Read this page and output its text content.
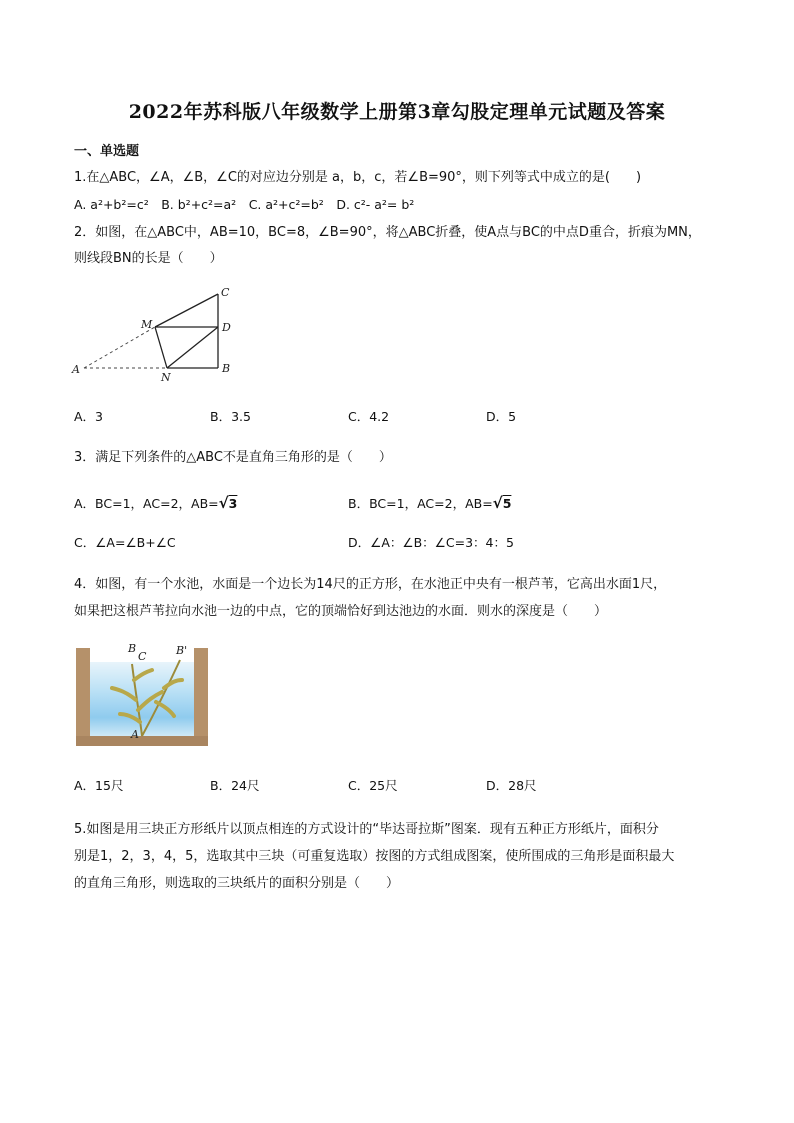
2022年苏科版八年级数学上册第3章勾股定理单元试题及答案
一、单选题
1.在△ABC，∠A，∠B，∠C的对应边分别是 a，b，c，若∠B=90°，则下列等式中成立的是(　　)
A. a²+b²=c²　B. b²+c²=a²　C. a²+c²=b²　D. c²- a²= b²
2．如图，在△ABC中，AB=10，BC=8，∠B=90°，将△ABC折叠，使A点与BC的中点D重合，折痕为MN，
则线段BN的长是（　　）
A	B
C
D
M
N
A．3	B．3.5	C．4.2	D．5
3．满足下列条件的△ABC不是直角三角形的是（　　）
A．BC=1，AC=2，AB=√3	B．BC=1，AC=2，AB=√5
C．∠A=∠B+∠C	D．∠A：∠B：∠C=3：4：5
4．如图，有一个水池，水面是一个边长为14尺的正方形，在水池正中央有一根芦苇，它高出水面1尺，
如果把这根芦苇拉向水池一边的中点，它的顶端恰好到达池边的水面．则水的深度是（　　）
B
C	B'
A
A．15尺	B．24尺	C．25尺	D．28尺
5.如图是用三块正方形纸片以顶点相连的方式设计的“毕达哥拉斯”图案．现有五种正方形纸片，面积分
别是1，2，3，4，5，选取其中三块（可重复选取）按图的方式组成图案，使所围成的三角形是面积最大
的直角三角形，则选取的三块纸片的面积分别是（　　）
